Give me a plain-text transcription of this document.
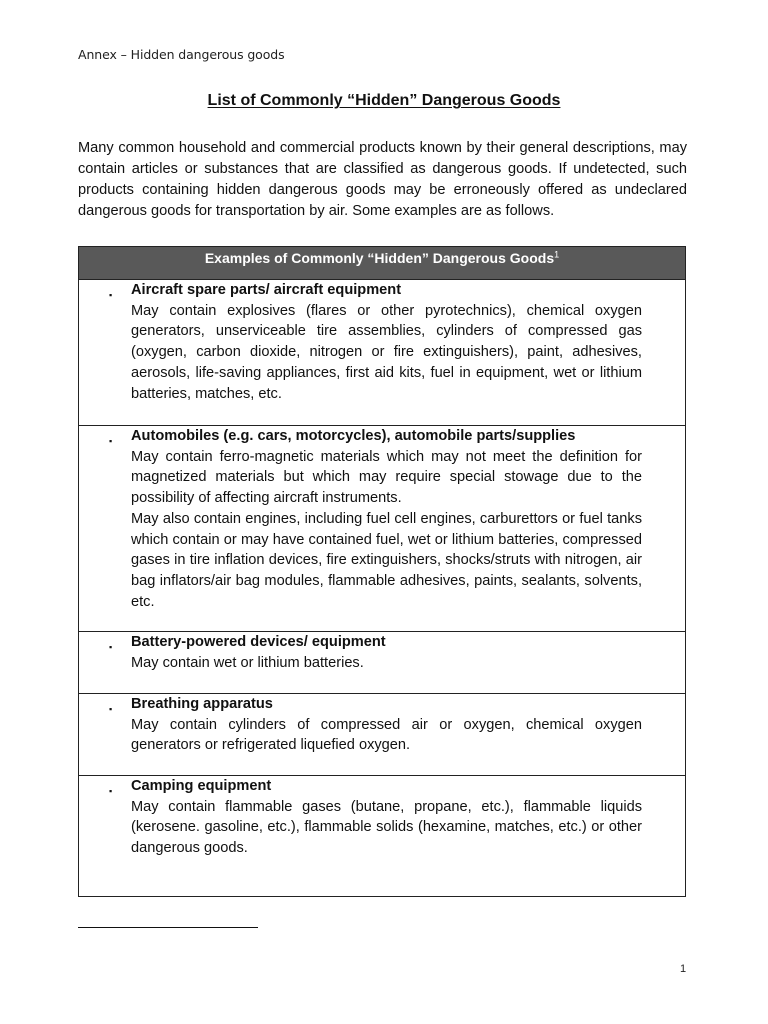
Annex – Hidden dangerous goods
List of Commonly “Hidden” Dangerous Goods

Many common household and commercial products known by their general descriptions, may contain articles or substances that are classified as dangerous goods. If undetected, such products containing hidden dangerous goods may be erroneously offered as undeclared dangerous goods for transportation by air. Some examples are as follows.

Examples of Commonly “Hidden” Dangerous Goods$^1$
▪ Aircraft spare parts/ aircraft equipment

May contain explosives (flares or other pyrotechnics), chemical oxygen generators, unserviceable tire assemblies, cylinders of compressed gas (oxygen, carbon dioxide, nitrogen or fire extinguishers), paint, adhesives, aerosols, life-saving appliances, first aid kits, fuel in equipment, wet or lithium batteries, matches, etc.

▪ Automobiles (e.g. cars, motorcycles), automobile parts/supplies

May contain ferro-magnetic materials which may not meet the definition for magnetized materials but which may require special stowage due to the possibility of affecting aircraft instruments.

May also contain engines, including fuel cell engines, carburettors or fuel tanks which contain or may have contained fuel, wet or lithium batteries, compressed gases in tire inflation devices, fire extinguishers, shocks/struts with nitrogen, air bag inflators/air bag modules, flammable adhesives, paints, sealants, solvents, etc.

▪ Battery-powered devices/ equipment

May contain wet or lithium batteries.

▪ Breathing apparatus

May contain cylinders of compressed air or oxygen, chemical oxygen generators or refrigerated liquefied oxygen.

▪ Camping equipment

May contain flammable gases (butane, propane, etc.), flammable liquids (kerosene. gasoline, etc.), flammable solids (hexamine, matches, etc.) or other dangerous goods.

1
